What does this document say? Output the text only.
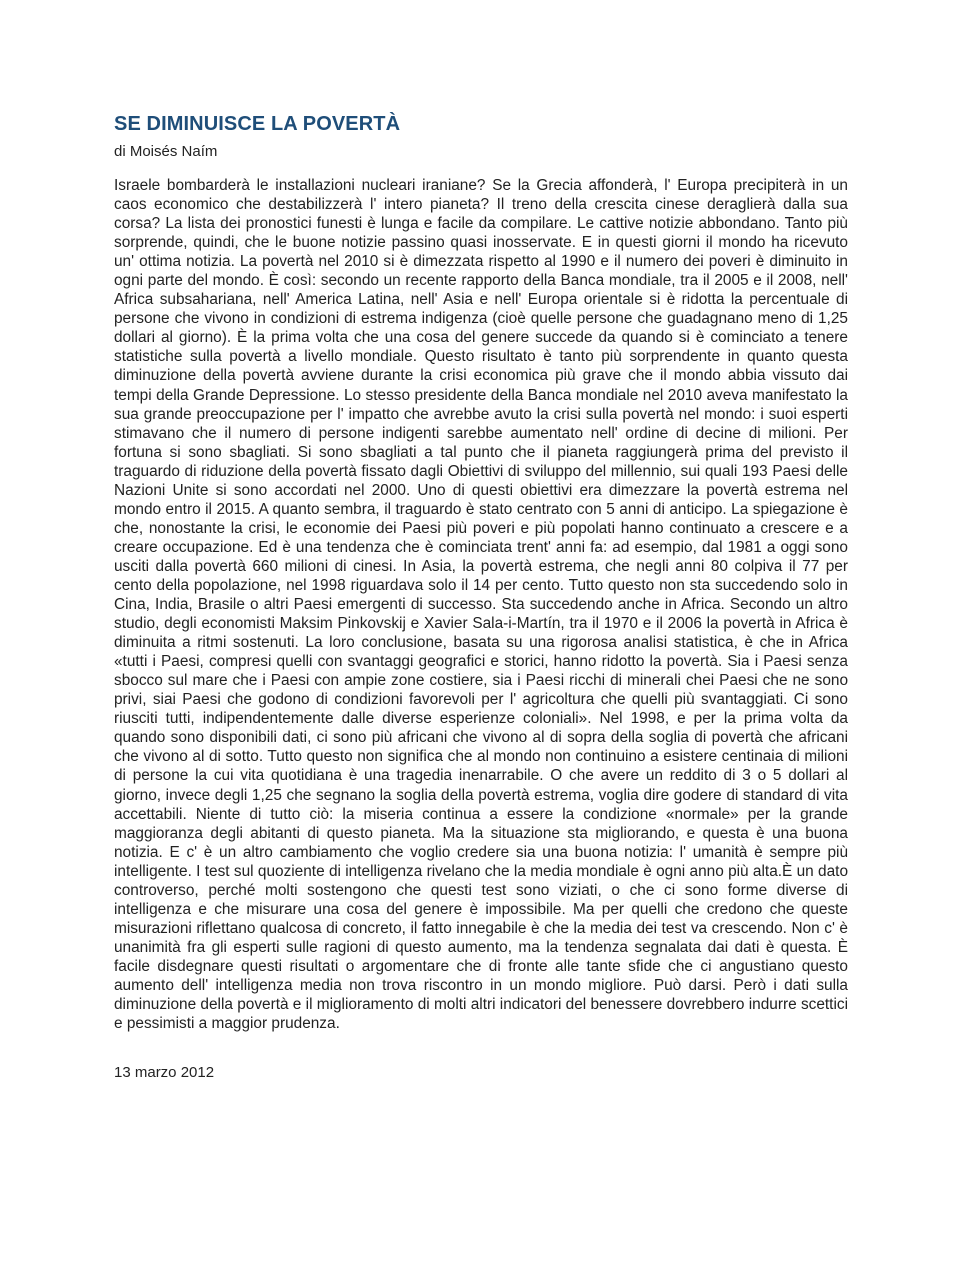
SE DIMINUISCE LA POVERTÀ

di Moisés Naím

Israele bombarderà le installazioni nucleari iraniane? Se la Grecia affonderà, l' Europa precipiterà in un caos economico che destabilizzerà l' intero pianeta? Il treno della crescita cinese deraglierà dalla sua corsa? La lista dei pronostici funesti è lunga e facile da compilare. Le cattive notizie abbondano. Tanto più sorprende, quindi, che le buone notizie passino quasi inosservate. E in questi giorni il mondo ha ricevuto un' ottima notizia. La povertà nel 2010 si è dimezzata rispetto al 1990 e il numero dei poveri è diminuito in ogni parte del mondo. È così: secondo un recente rapporto della Banca mondiale, tra il 2005 e il 2008, nell' Africa subsahariana, nell' America Latina, nell' Asia e nell' Europa orientale si è ridotta la percentuale di persone che vivono in condizioni di estrema indigenza (cioè quelle persone che guadagnano meno di 1,25 dollari al giorno). È la prima volta che una cosa del genere succede da quando si è cominciato a tenere statistiche sulla povertà a livello mondiale. Questo risultato è tanto più sorprendente in quanto questa diminuzione della povertà avviene durante la crisi economica più grave che il mondo abbia vissuto dai tempi della Grande Depressione. Lo stesso presidente della Banca mondiale nel 2010 aveva manifestato la sua grande preoccupazione per l' impatto che avrebbe avuto la crisi sulla povertà nel mondo: i suoi esperti stimavano che il numero di persone indigenti sarebbe aumentato nell' ordine di decine di milioni. Per fortuna si sono sbagliati. Si sono sbagliati a tal punto che il pianeta raggiungerà prima del previsto il traguardo di riduzione della povertà fissato dagli Obiettivi di sviluppo del millennio, sui quali 193 Paesi delle Nazioni Unite si sono accordati nel 2000. Uno di questi obiettivi era dimezzare la povertà estrema nel mondo entro il 2015. A quanto sembra, il traguardo è stato centrato con 5 anni di anticipo. La spiegazione è che, nonostante la crisi, le economie dei Paesi più poveri e più popolati hanno continuato a crescere e a creare occupazione. Ed è una tendenza che è cominciata trent' anni fa: ad esempio, dal 1981 a oggi sono usciti dalla povertà 660 milioni di cinesi. In Asia, la povertà estrema, che negli anni 80 colpiva il 77 per cento della popolazione, nel 1998 riguardava solo il 14 per cento. Tutto questo non sta succedendo solo in Cina, India, Brasile o altri Paesi emergenti di successo. Sta succedendo anche in Africa. Secondo un altro studio, degli economisti Maksim Pinkovskij e Xavier Sala-i-Martín, tra il 1970 e il 2006 la povertà in Africa è diminuita a ritmi sostenuti. La loro conclusione, basata su una rigorosa analisi statistica, è che in Africa «tutti i Paesi, compresi quelli con svantaggi geografici e storici, hanno ridotto la povertà. Sia i Paesi senza sbocco sul mare che i Paesi con ampie zone costiere, sia i Paesi ricchi di minerali chei Paesi che ne sono privi, siai Paesi che godono di condizioni favorevoli per l' agricoltura che quelli più svantaggiati. Ci sono riusciti tutti, indipendentemente dalle diverse esperienze coloniali». Nel 1998, e per la prima volta da quando sono disponibili dati, ci sono più africani che vivono al di sopra della soglia di povertà che africani che vivono al di sotto. Tutto questo non significa che al mondo non continuino a esistere centinaia di milioni di persone la cui vita quotidiana è una tragedia inenarrabile. O che avere un reddito di 3 o 5 dollari al giorno, invece degli 1,25 che segnano la soglia della povertà estrema, voglia dire godere di standard di vita accettabili. Niente di tutto ciò: la miseria continua a essere la condizione «normale» per la grande maggioranza degli abitanti di questo pianeta. Ma la situazione sta migliorando, e questa è una buona notizia. E c' è un altro cambiamento che voglio credere sia una buona notizia: l' umanità è sempre più intelligente. I test sul quoziente di intelligenza rivelano che la media mondiale è ogni anno più alta.È un dato controverso, perché molti sostengono che questi test sono viziati, o che ci sono forme diverse di intelligenza e che misurare una cosa del genere è impossibile. Ma per quelli che credono che queste misurazioni riflettano qualcosa di concreto, il fatto innegabile è che la media dei test va crescendo. Non c' è unanimità fra gli esperti sulle ragioni di questo aumento, ma la tendenza segnalata dai dati è questa. È facile disdegnare questi risultati o argomentare che di fronte alle tante sfide che ci angustiano questo aumento dell' intelligenza media non trova riscontro in un mondo migliore. Può darsi. Però i dati sulla diminuzione della povertà e il miglioramento di molti altri indicatori del benessere dovrebbero indurre scettici e pessimisti a maggior prudenza.

13 marzo 2012
